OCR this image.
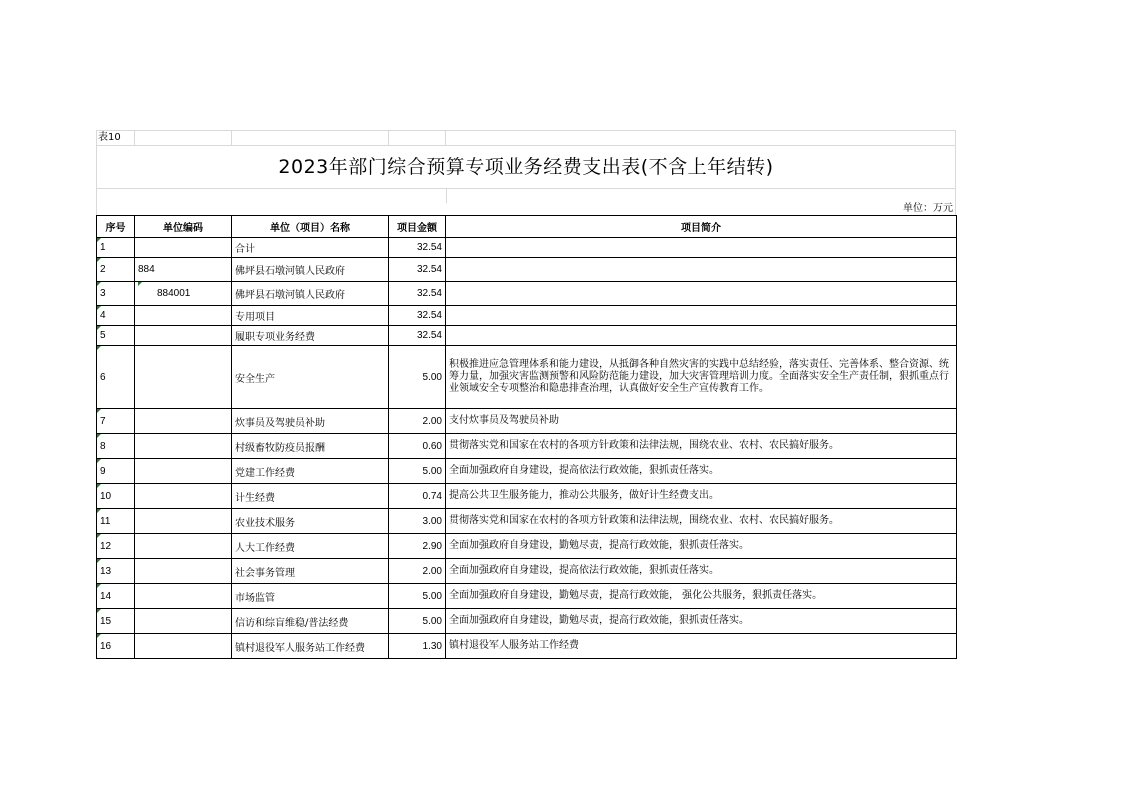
表10
2023年部门综合预算专项业务经费支出表(不含上年结转)
单位：万元
序号	单位编码	单位（项目）名称	项目金额	项目简介

1		合计	32.54	

2	884	佛坪县石墩河镇人民政府	32.54	

3	884001	佛坪县石墩河镇人民政府	32.54	

4		专用项目	32.54	

5		履职专项业务经费	32.54	

6		安全生产	5.00	积极推进应急管理体系和能力建设，从抵御各种自然灾害的实践中总结经验，落实责任、完善体系、整合资源、统筹力量，加强灾害监测预警和风险防范能力建设，加大灾害管理培训力度。全面落实安全生产责任制，狠抓重点行业领域安全专项整治和隐患排查治理，认真做好安全生产宣传教育工作。

7		炊事员及驾驶员补助	2.00	支付炊事员及驾驶员补助

8		村级畜牧防疫员报酬	0.60	贯彻落实党和国家在农村的各项方针政策和法律法规，围绕农业、农村、农民搞好服务。

9		党建工作经费	5.00	全面加强政府自身建设，提高依法行政效能，狠抓责任落实。

10		计生经费	0.74	提高公共卫生服务能力，推动公共服务，做好计生经费支出。

11		农业技术服务	3.00	贯彻落实党和国家在农村的各项方针政策和法律法规，围绕农业、农村、农民搞好服务。

12		人大工作经费	2.90	全面加强政府自身建设，勤勉尽责，提高行政效能，狠抓责任落实。

13		社会事务管理	2.00	全面加强政府自身建设，提高依法行政效能，狠抓责任落实。

14		市场监管	5.00	全面加强政府自身建设，勤勉尽责，提高行政效能， 强化公共服务，狠抓责任落实。

15		信访和综盲维稳/普法经费	5.00	全面加强政府自身建设，勤勉尽责，提高行政效能，狠抓责任落实。

16		镇村退役军人服务站工作经费	1.30	镇村退役军人服务站工作经费
